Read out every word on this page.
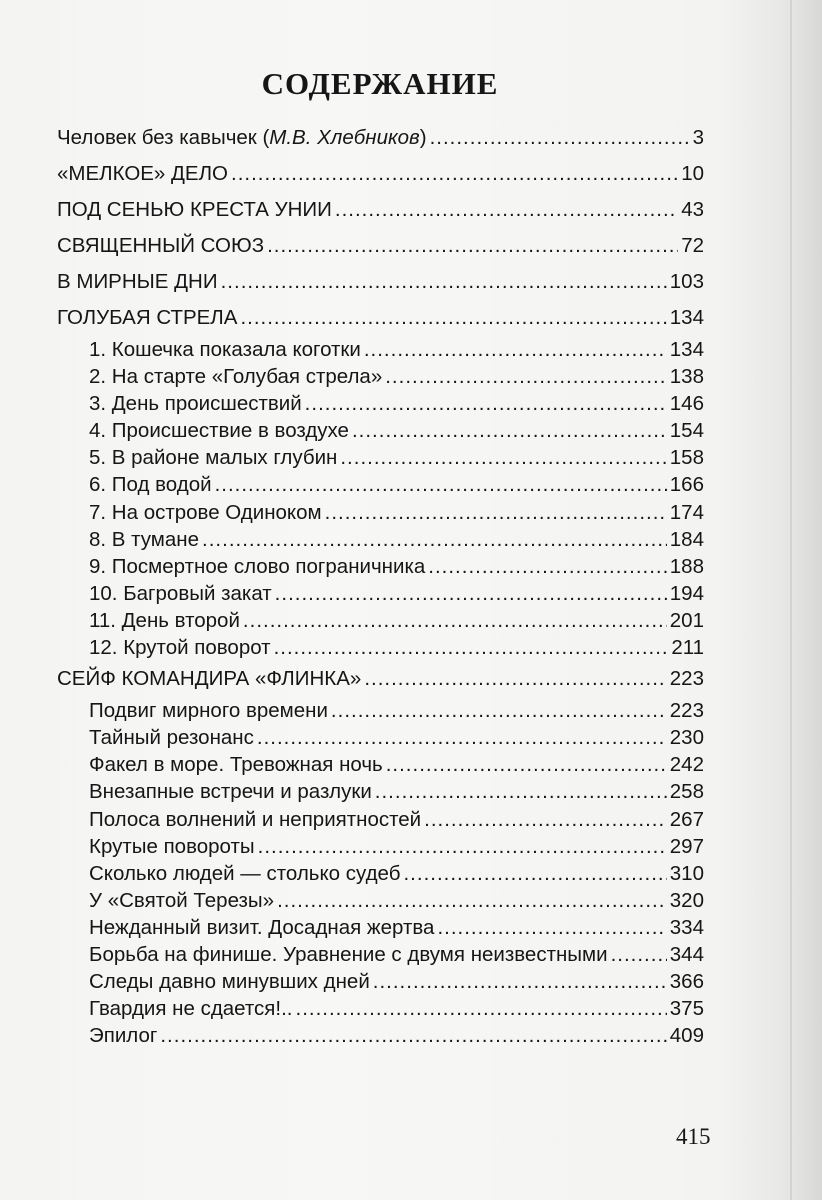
СОДЕРЖАНИЕ
Человек без кавычек (М.В. Хлебников) .....	3
«МЕЛКОЕ» ДЕЛО .....	10
ПОД СЕНЬЮ КРЕСТА УНИИ .....	43
СВЯЩЕННЫЙ СОЮЗ .....	72
В МИРНЫЕ ДНИ .....	103
ГОЛУБАЯ СТРЕЛА .....	134
1. Кошечка показала коготки .....	134
2. На старте «Голубая стрела» .....	138
3. День происшествий .....	146
4. Происшествие в воздухе .....	154
5. В районе малых глубин .....	158
6. Под водой .....	166
7. На острове Одиноком .....	174
8. В тумане .....	184
9. Посмертное слово пограничника .....	188
10. Багровый закат .....	194
11. День второй .....	201
12. Крутой поворот .....	211
СЕЙФ КОМАНДИРА «ФЛИНКА» .....	223
Подвиг мирного времени .....	223
Тайный резонанс .....	230
Факел в море. Тревожная ночь .....	242
Внезапные встречи и разлуки .....	258
Полоса волнений и неприятностей .....	267
Крутые повороты .....	297
Сколько людей — столько судеб .....	310
У «Святой Терезы» .....	320
Нежданный визит. Досадная жертва .....	334
Борьба на финише. Уравнение с двумя неизвестными .....	344
Следы давно минувших дней .....	366
Гвардия не сдается!.. .....	375
Эпилог .....	409
415
